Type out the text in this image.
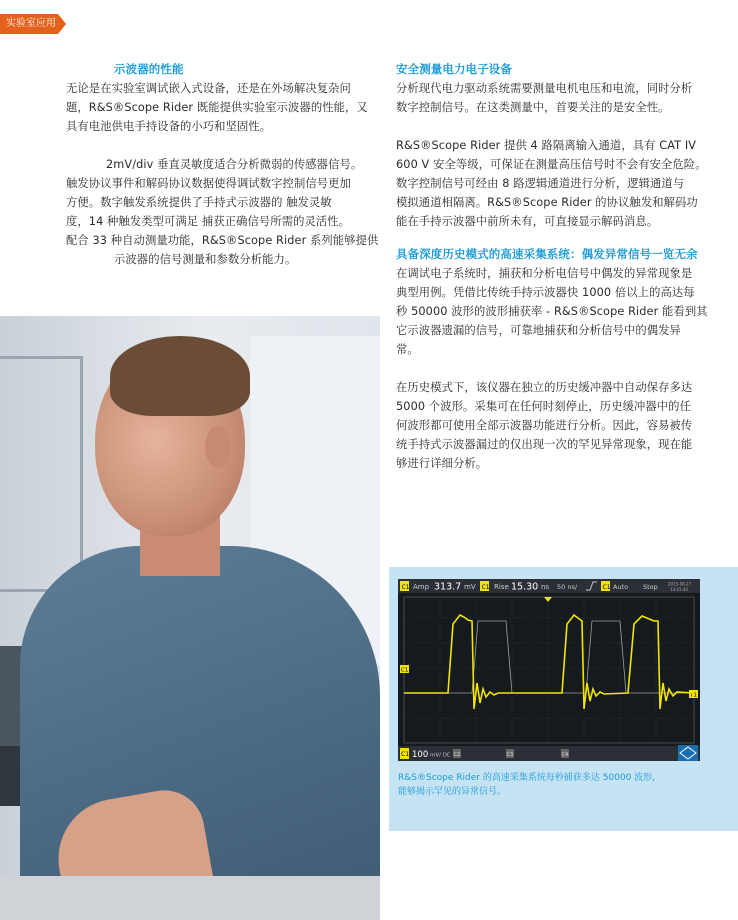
实验室应用

示波器的性能

无论是在实验室调试嵌入式设备，还是在外场解决复杂问

题，R&S®Scope Rider 既能提供实验室示波器的性能，又

具有电池供电手持设备的小巧和坚固性。

2mV/div 垂直灵敏度适合分析微弱的传感器信号。

触发协议事件和解码协议数据使得调试数字控制信号更加

方便。数字触发系统提供了手持式示波器的 触发灵敏

度，14 种触发类型可满足 捕获正确信号所需的灵活性。

配合 33 种自动测量功能，R&S®Scope Rider 系列能够提供

示波器的信号测量和参数分析能力。

安全测量电力电子设备

分析现代电力驱动系统需要测量电机电压和电流，同时分析

数字控制信号。在这类测量中，首要关注的是安全性。

R&S®Scope Rider 提供 4 路隔离输入通道，具有 CAT IV

600 V 安全等级，可保证在测量高压信号时不会有安全危险。

数字控制信号可经由 8 路逻辑通道进行分析，逻辑通道与

模拟通道相隔离。R&S®Scope Rider 的协议触发和解码功

能在手持示波器中前所未有，可直接显示解码消息。

具备深度历史模式的高速采集系统：偶发异常信号一览无余

在调试电子系统时，捕获和分析电信号中偶发的异常现象是

典型用例。凭借比传统手持示波器快 1000 倍以上的高达每

秒 50000 波形的波形捕获率 - R&S®Scope Rider 能看到其

它示波器遗漏的信号，可靠地捕获和分析信号中的偶发异

常。

在历史模式下，该仪器在独立的历史缓冲器中自动保存多达

5000 个波形。采集可在任何时刻停止，历史缓冲器中的任

何波形都可使用全部示波器功能进行分析。因此，容易被传

统手持式示波器漏过的仅出现一次的罕见异常现象，现在能

够进行详细分析。

C1 Amp 313.7 mV C1 Rise 15.30 ns 50 ns/	C1 Auto Stop	2015-08-27
13:01:44
C1
T1
C1 100 mV/ DC C2	C3	C4
R&S®Scope Rider 的高速采集系统每秒捕获多达 50000 波形，
能够揭示罕见的异常信号。
